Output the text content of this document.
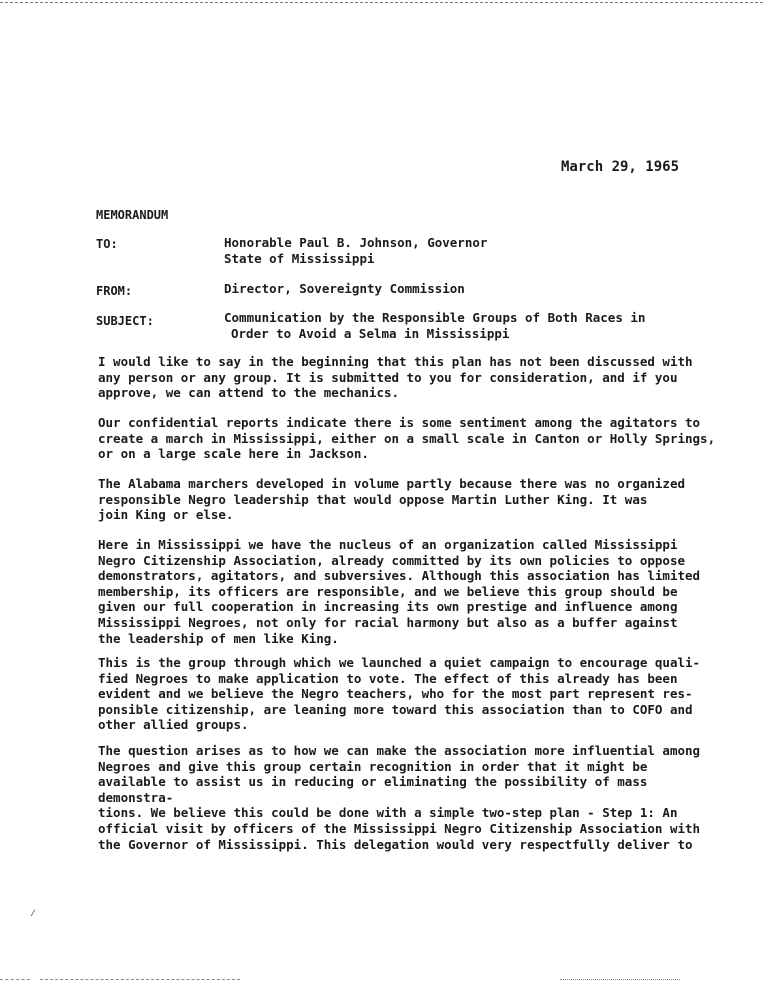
March 29, 1965
MEMORANDUM
TO:	Honorable Paul B. Johnson, Governor
State of Mississippi
FROM:	Director, Sovereignty Commission
SUBJECT:	Communication by the Responsible Groups of Both Races in
Order to Avoid a Selma in Mississippi
I would like to say in the beginning that this plan has not been discussed with
any person or any group. It is submitted to you for consideration, and if you
approve, we can attend to the mechanics.
Our confidential reports indicate there is some sentiment among the agitators to
create a march in Mississippi, either on a small scale in Canton or Holly Springs,
or on a large scale here in Jackson.
The Alabama marchers developed in volume partly because there was no organized
responsible Negro leadership that would oppose Martin Luther King. It was
join King or else.
Here in Mississippi we have the nucleus of an organization called Mississippi
Negro Citizenship Association, already committed by its own policies to oppose
demonstrators, agitators, and subversives. Although this association has limited
membership, its officers are responsible, and we believe this group should be
given our full cooperation in increasing its own prestige and influence among
Mississippi Negroes, not only for racial harmony but also as a buffer against
the leadership of men like King.
This is the group through which we launched a quiet campaign to encourage quali-
fied Negroes to make application to vote. The effect of this already has been
evident and we believe the Negro teachers, who for the most part represent res-
ponsible citizenship, are leaning more toward this association than to COFO and
other allied groups.
The question arises as to how we can make the association more influential among
Negroes and give this group certain recognition in order that it might be
available to assist us in reducing or eliminating the possibility of mass demonstra-
tions. We believe this could be done with a simple two-step plan - Step 1: An
official visit by officers of the Mississippi Negro Citizenship Association with
the Governor of Mississippi. This delegation would very respectfully deliver to
⁄
